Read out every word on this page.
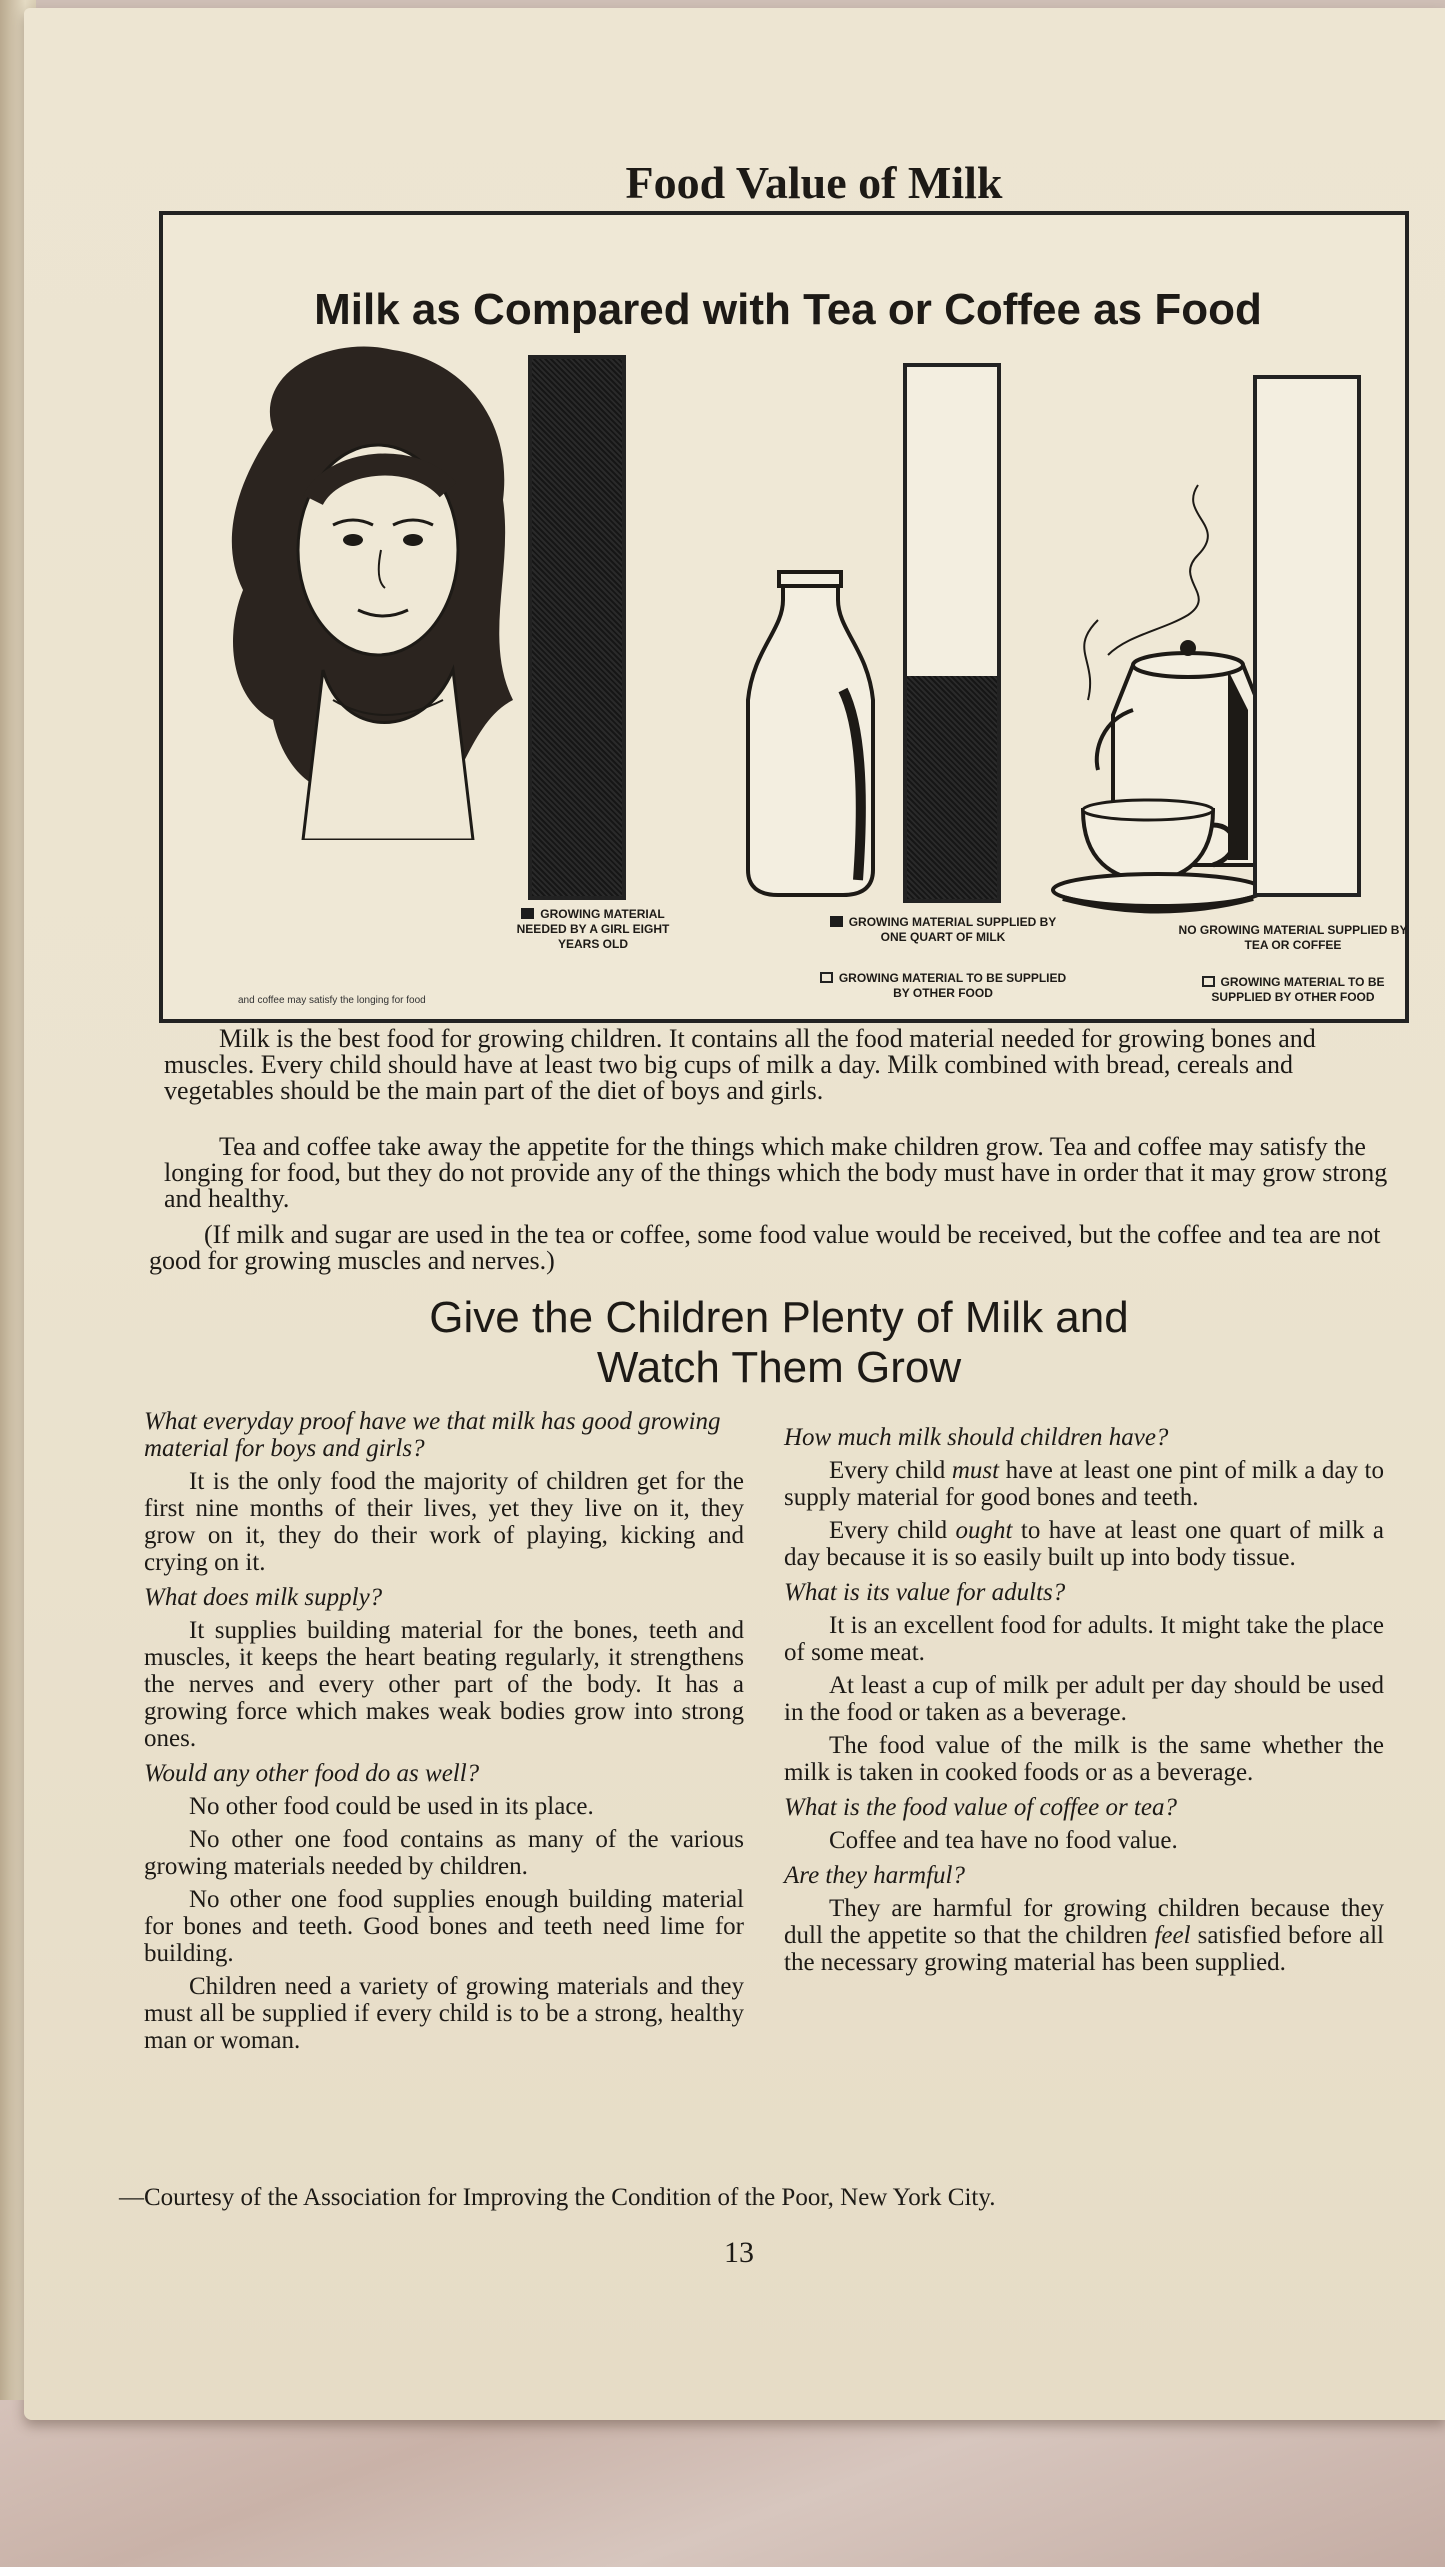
Food Value of Milk
Milk as Compared with Tea or Coffee as Food
GROWING MATERIAL NEEDED BY A GIRL EIGHT YEARS OLD
GROWING MATERIAL SUPPLIED BY ONE QUART OF MILK
GROWING MATERIAL TO BE SUPPLIED BY OTHER FOOD
NO GROWING MATERIAL SUPPLIED BY TEA OR COFFEE
GROWING MATERIAL TO BE SUPPLIED BY OTHER FOOD
and coffee may satisfy the longing for food
Milk is the best food for growing children. It contains all the food material needed for growing bones and muscles. Every child should have at least two big cups of milk a day. Milk combined with bread, cereals and vegetables should be the main part of the diet of boys and girls.
Tea and coffee take away the appetite for the things which make children grow. Tea and coffee may satisfy the longing for food, but they do not provide any of the things which the body must have in order that it may grow strong and healthy.
(If milk and sugar are used in the tea or coffee, some food value would be received, but the coffee and tea are not good for growing muscles and nerves.)
Give the Children Plenty of Milk and
Watch Them Grow

What everyday proof have we that milk has good growing material for boys and girls?

It is the only food the majority of children get for the first nine months of their lives, yet they live on it, they grow on it, they do their work of playing, kicking and crying on it.

What does milk supply?

It supplies building material for the bones, teeth and muscles, it keeps the heart beating regularly, it strengthens the nerves and every other part of the body. It has a growing force which makes weak bodies grow into strong ones.

Would any other food do as well?

No other food could be used in its place.

No other one food contains as many of the various growing materials needed by children.

No other one food supplies enough building material for bones and teeth. Good bones and teeth need lime for building.

Children need a variety of growing materials and they must all be supplied if every child is to be a strong, healthy man or woman.

How much milk should children have?

Every child must have at least one pint of milk a day to supply material for good bones and teeth.

Every child ought to have at least one quart of milk a day because it is so easily built up into body tissue.

What is its value for adults?

It is an excellent food for adults. It might take the place of some meat.

At least a cup of milk per adult per day should be used in the food or taken as a beverage.

The food value of the milk is the same whether the milk is taken in cooked foods or as a beverage.

What is the food value of coffee or tea?

Coffee and tea have no food value.

Are they harmful?

They are harmful for growing children because they dull the appetite so that the children feel satisfied before all the necessary growing material has been supplied.

—Courtesy of the Association for Improving the Condition of the Poor, New York City.
13
